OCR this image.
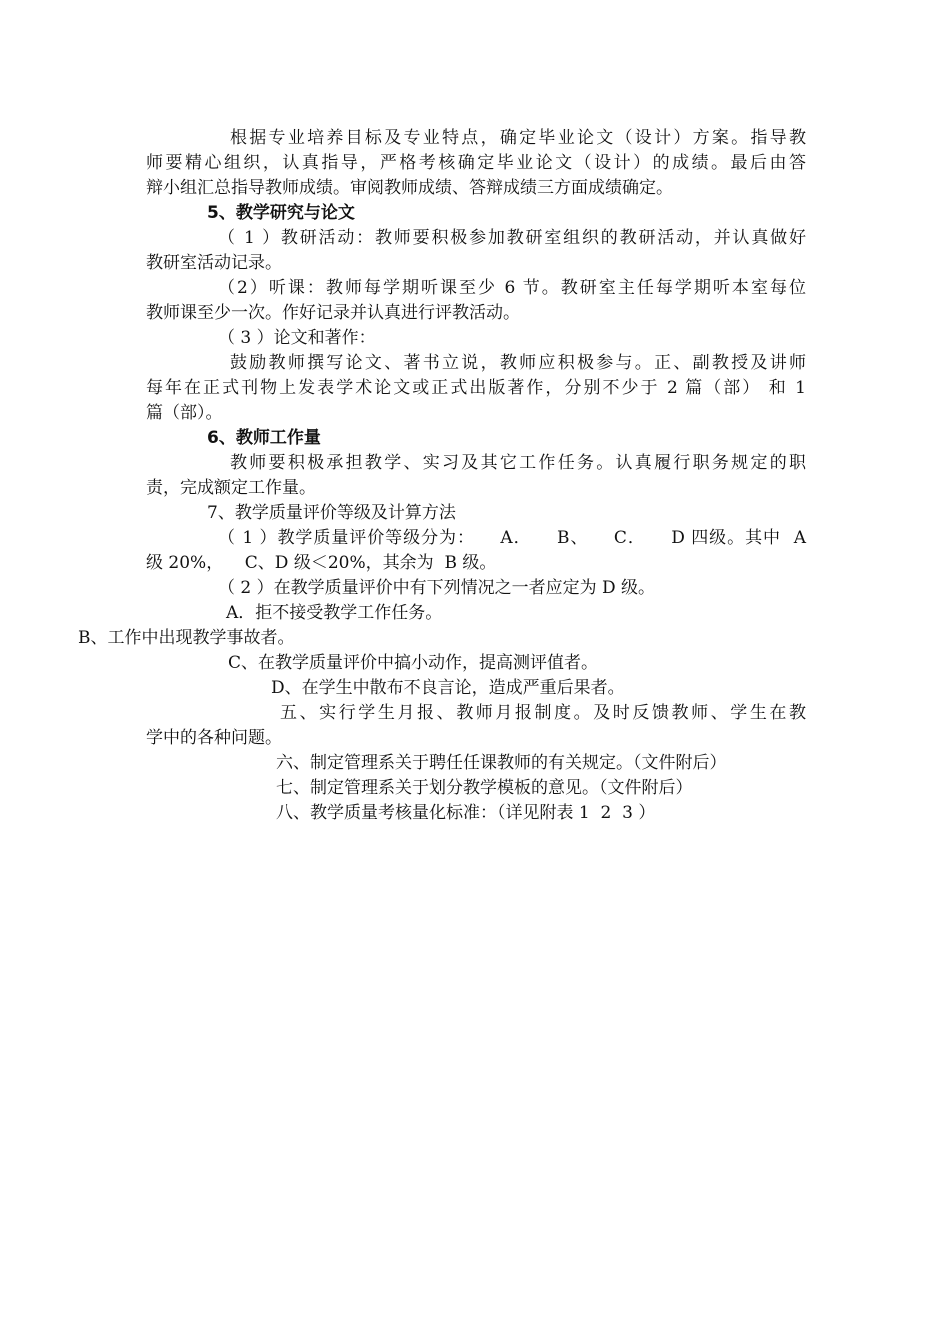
根据专业培养目标及专业特点，确定毕业论文（设计）方案。指导教
师要精心组织，认真指导，严格考核确定毕业论文（设计）的成绩。最后由答
辩小组汇总指导教师成绩。审阅教师成绩、答辩成绩三方面成绩确定。
5、教学研究与论文
（ 1 ）教研活动：教师要积极参加教研室组织的教研活动，并认真做好
教研室活动记录。
（2）听课：教师每学期听课至少 6 节。教研室主任每学期听本室每位
教师课至少一次。作好记录并认真进行评教活动。
（ 3 ）论文和著作：
鼓励教师撰写论文、著书立说，教师应积极参与。正、副教授及讲师
每年在正式刊物上发表学术论文或正式出版著作，分别不少于 2 篇（部） 和 1
篇（部）。
6、教师工作量
教师要积极承担教学、实习及其它工作任务。认真履行职务规定的职
责，完成额定工作量。
7、教学质量评价等级及计算方法
（ 1 ）教学质量评价等级分为：    A．    B、    C．    D 四级。其中  A
级 20%，    C、D 级＜20%，其余为  B 级。
（ 2 ）在教学质量评价中有下列情况之一者应定为 D 级。
A．拒不接受教学工作任务。
B、工作中出现教学事故者。
C、在教学质量评价中搞小动作，提高测评值者。
D、在学生中散布不良言论，造成严重后果者。
五、实行学生月报、教师月报制度。及时反馈教师、学生在教
学中的各种问题。
六、制定管理系关于聘任任课教师的有关规定。（文件附后）
七、制定管理系关于划分教学模板的意见。（文件附后）
八、教学质量考核量化标准：（详见附表 1  2  3 ）
